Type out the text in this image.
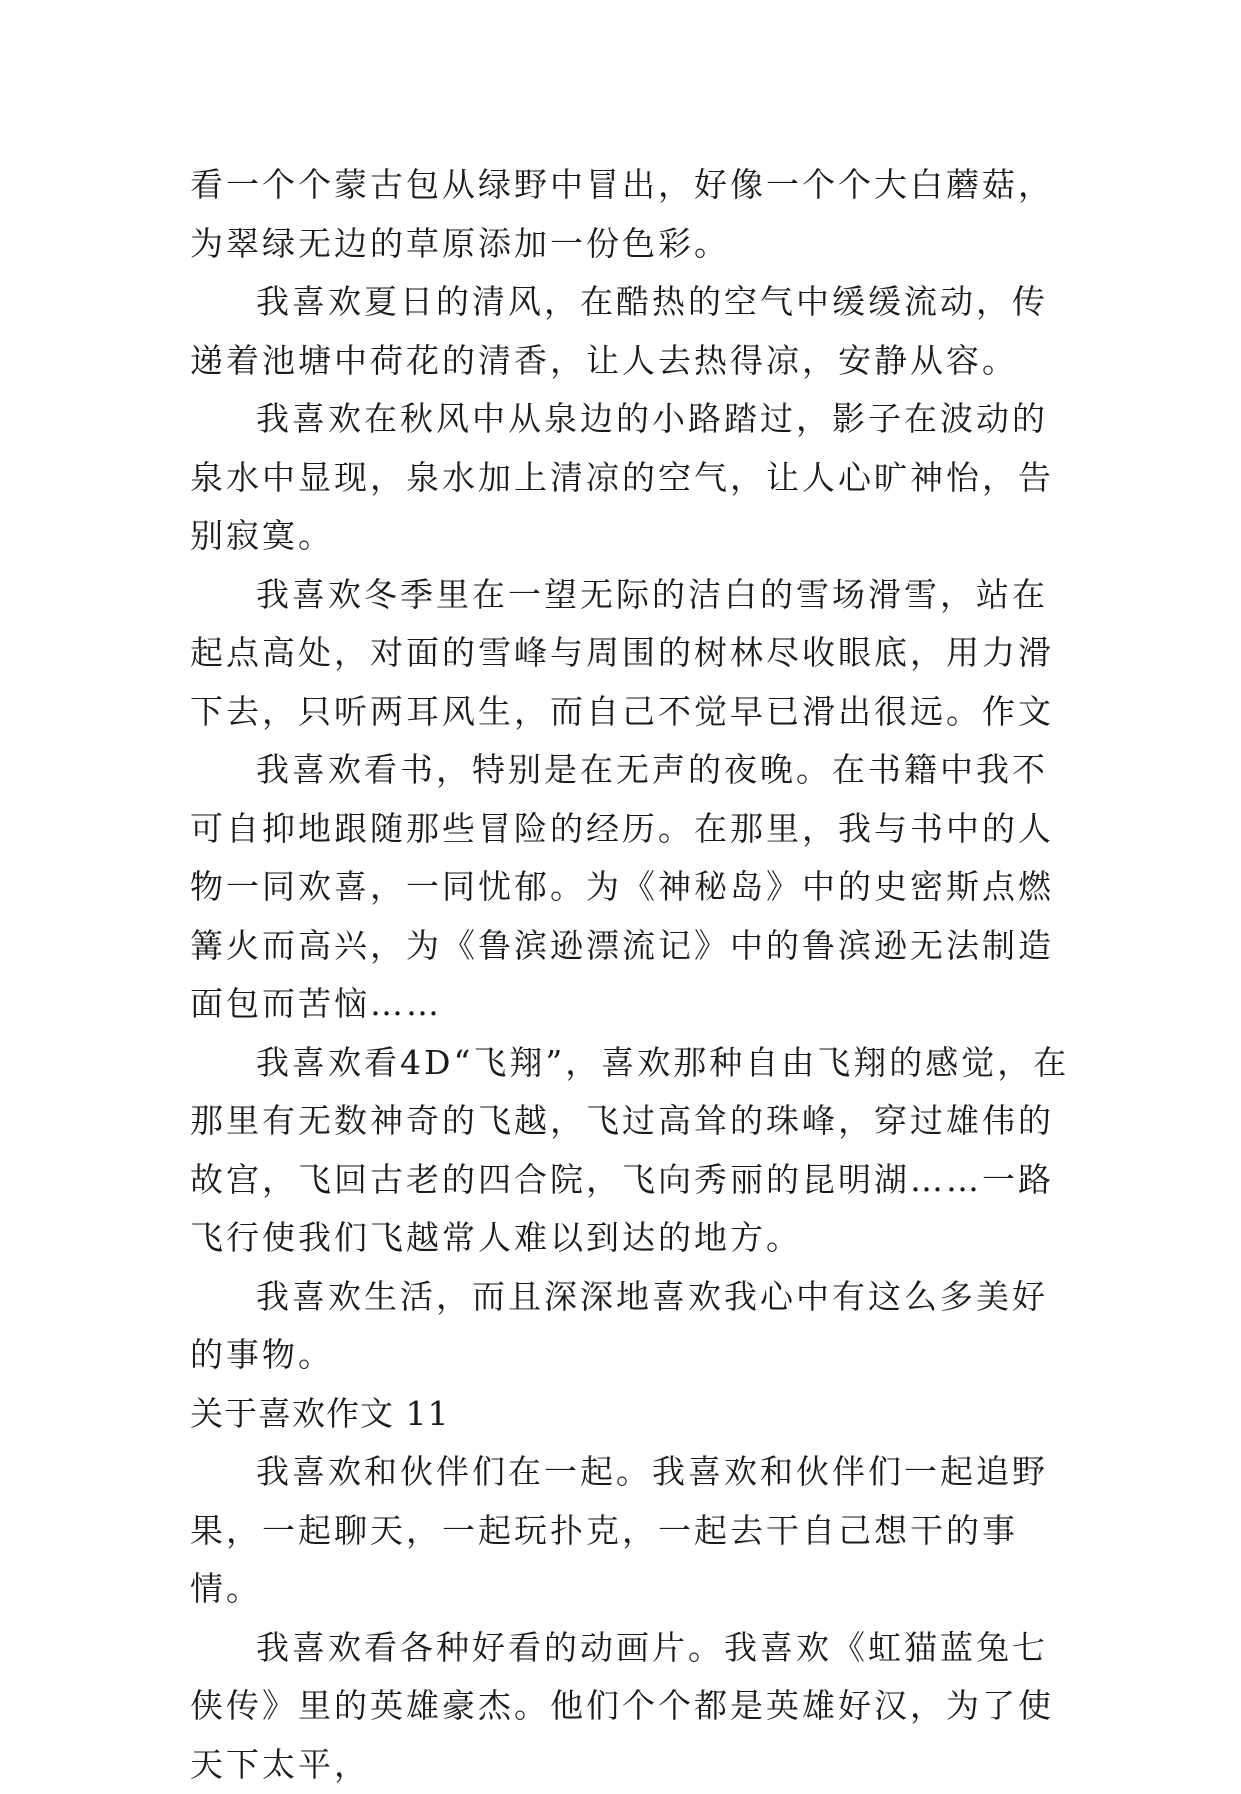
看一个个蒙古包从绿野中冒出，好像一个个大白蘑菇，为翠绿无边的草原添加一份色彩。

我喜欢夏日的清风，在酷热的空气中缓缓流动，传递着池塘中荷花的清香，让人去热得凉，安静从容。

我喜欢在秋风中从泉边的小路踏过，影子在波动的泉水中显现，泉水加上清凉的空气，让人心旷神怡，告别寂寞。

我喜欢冬季里在一望无际的洁白的雪场滑雪，站在起点高处，对面的雪峰与周围的树林尽收眼底，用力滑下去，只听两耳风生，而自己不觉早已滑出很远。作文

我喜欢看书，特别是在无声的夜晚。在书籍中我不可自抑地跟随那些冒险的经历。在那里，我与书中的人物一同欢喜，一同忧郁。为《神秘岛》中的史密斯点燃篝火而高兴，为《鲁滨逊漂流记》中的鲁滨逊无法制造面包而苦恼……

我喜欢看4D“飞翔”，喜欢那种自由飞翔的感觉，在那里有无数神奇的飞越，飞过高耸的珠峰，穿过雄伟的故宫，飞回古老的四合院，飞向秀丽的昆明湖……一路飞行使我们飞越常人难以到达的地方。

我喜欢生活，而且深深地喜欢我心中有这么多美好的事物。

关于喜欢作文 11

我喜欢和伙伴们在一起。我喜欢和伙伴们一起追野果，一起聊天，一起玩扑克，一起去干自己想干的事情。

我喜欢看各种好看的动画片。我喜欢《虹猫蓝兔七侠传》里的英雄豪杰。他们个个都是英雄好汉，为了使天下太平，
